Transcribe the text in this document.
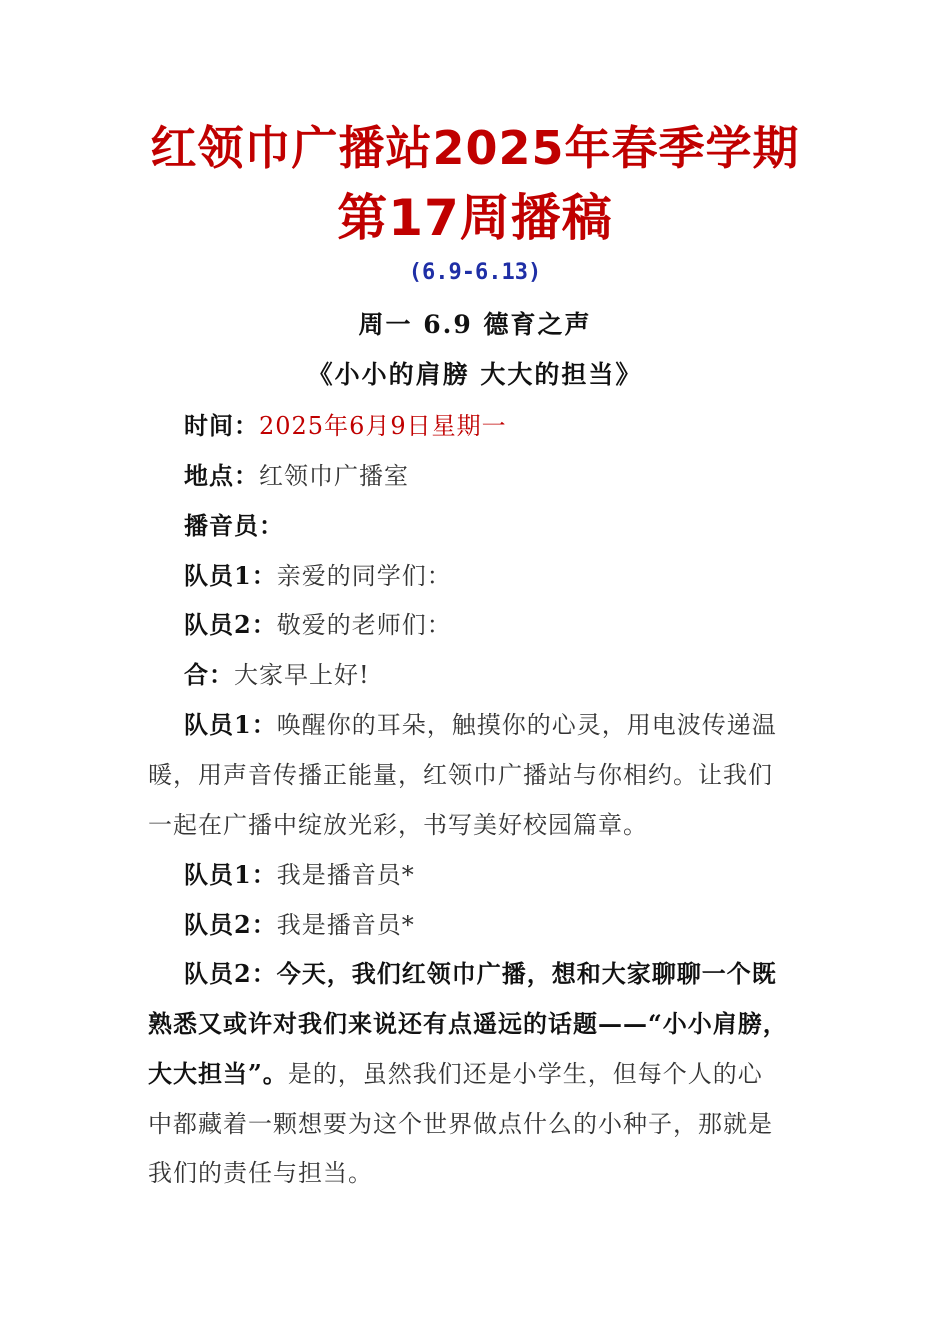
红领巾广播站2025年春季学期
第17周播稿
(6.9-6.13)
周一 6.9 德育之声
《小小的肩膀 大大的担当》
时间：2025年6月9日星期一
地点：红领巾广播室
播音员：
队员1：亲爱的同学们：
队员2：敬爱的老师们：
合：大家早上好!
队员1：唤醒你的耳朵，触摸你的心灵，用电波传递温
暖，用声音传播正能量，红领巾广播站与你相约。让我们
一起在广播中绽放光彩，书写美好校园篇章。
队员1：我是播音员*
队员2：我是播音员*
队员2：今天，我们红领巾广播，想和大家聊聊一个既
熟悉又或许对我们来说还有点遥远的话题——“小小肩膀，
大大担当”。是的，虽然我们还是小学生，但每个人的心
中都藏着一颗想要为这个世界做点什么的小种子，那就是
我们的责任与担当。
